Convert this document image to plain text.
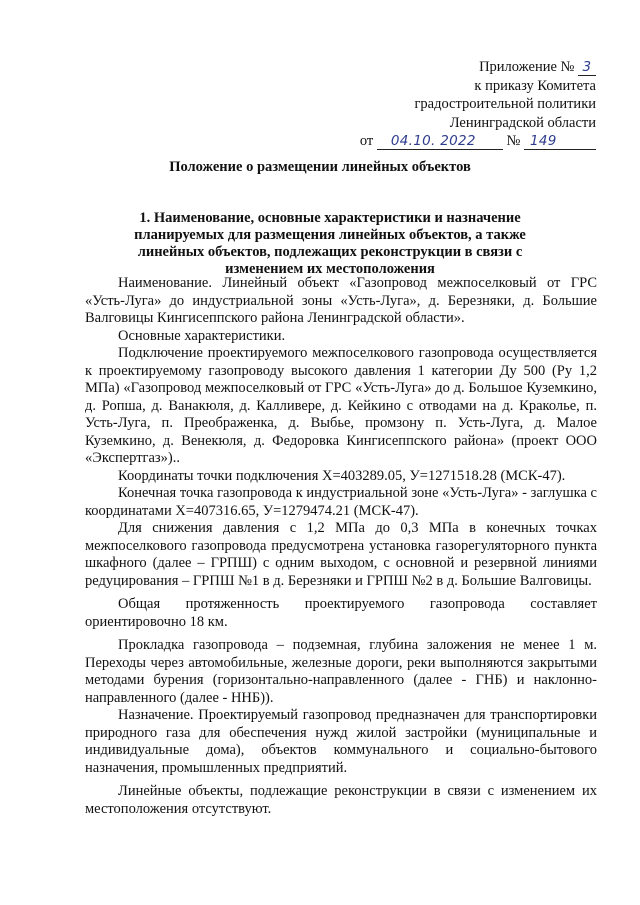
Приложение № 3
к приказу Комитета
градостроительной политики
Ленинградской области
от 04.10. 2022 № 149
Положение о размещении линейных объектов
1. Наименование, основные характеристики и назначение планируемых для размещения линейных объектов, а также линейных объектов, подлежащих реконструкции в связи с изменением их местоположения

Наименование. Линейный объект «Газопровод межпоселковый от ГРС «Усть-Луга» до индустриальной зоны «Усть-Луга», д. Березняки, д. Большие Валговицы Кингисеппского района Ленинградской области».

Основные характеристики.

Подключение проектируемого межпоселкового газопровода осуществляется к проектируемому газопроводу высокого давления 1 категории Ду 500 (Ру 1,2 МПа) «Газопровод межпоселковый от ГРС «Усть-Луга» до д. Большое Куземкино, д. Ропша, д. Ванакюля, д. Калливере, д. Кейкино с отводами на д. Краколье, п. Усть-Луга, п. Преображенка, д. Выбье, промзону п. Усть-Луга, д. Малое Куземкино, д. Венекюля, д. Федоровка Кингисеппского района» (проект ООО «Экспертгаз»)..

Координаты точки подключения Х=403289.05, У=1271518.28 (МСК-47).

Конечная точка газопровода к индустриальной зоне «Усть-Луга» - заглушка с координатами Х=407316.65, У=1279474.21 (МСК-47).

Для снижения давления с 1,2 МПа до 0,3 МПа в конечных точках межпоселкового газопровода предусмотрена установка газорегуляторного пункта шкафного (далее – ГРПШ) с одним выходом, с основной и резервной линиями редуцирования – ГРПШ №1 в д. Березняки и ГРПШ №2 в д. Большие Валговицы.

Общая протяженность проектируемого газопровода составляет ориентировочно 18 км.

Прокладка газопровода – подземная, глубина заложения не менее 1 м. Переходы через автомобильные, железные дороги, реки выполняются закрытыми методами бурения (горизонтально-направленного (далее - ГНБ) и наклонно-направленного (далее - ННБ)).

Назначение. Проектируемый газопровод предназначен для транспортировки природного газа для обеспечения нужд жилой застройки (муниципальные и индивидуальные дома), объектов коммунального и социально-бытового назначения, промышленных предприятий.

Линейные объекты, подлежащие реконструкции в связи с изменением их местоположения отсутствуют.
